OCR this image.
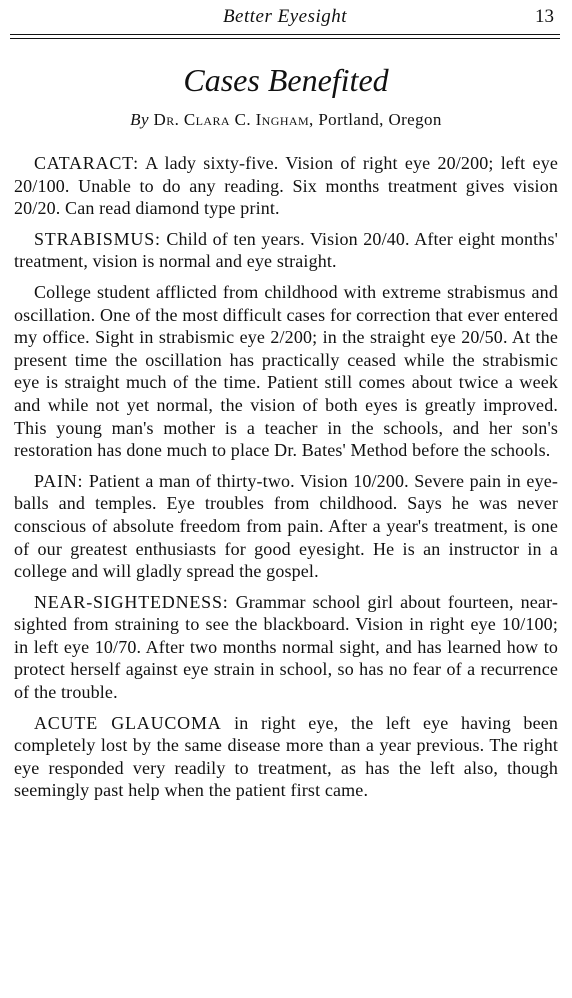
Better Eyesight	13
Cases Benefited
By Dr. Clara C. Ingham, Portland, Oregon

CATARACT: A lady sixty-five. Vision of right eye 20/200; left eye 20/100. Unable to do any reading. Six months treatment gives vision 20/20. Can read diamond type print.

STRABISMUS: Child of ten years. Vision 20/40. After eight months' treatment, vision is normal and eye straight.

College student afflicted from childhood with extreme strabismus and oscillation. One of the most difficult cases for correction that ever entered my office. Sight in strabismic eye 2/200; in the straight eye 20/50. At the present time the oscillation has practically ceased while the strabismic eye is straight much of the time. Patient still comes about twice a week and while not yet normal, the vision of both eyes is greatly improved. This young man's mother is a teacher in the schools, and her son's restoration has done much to place Dr. Bates' Method before the schools.

PAIN: Patient a man of thirty-two. Vision 10/200. Severe pain in eye-balls and temples. Eye troubles from childhood. Says he was never conscious of absolute freedom from pain. After a year's treatment, is one of our greatest enthusiasts for good eyesight. He is an instructor in a college and will gladly spread the gospel.

NEAR-SIGHTEDNESS: Grammar school girl about fourteen, near-sighted from straining to see the blackboard. Vision in right eye 10/100; in left eye 10/70. After two months normal sight, and has learned how to protect herself against eye strain in school, so has no fear of a recurrence of the trouble.

ACUTE GLAUCOMA in right eye, the left eye having been completely lost by the same disease more than a year previous. The right eye responded very readily to treatment, as has the left also, though seemingly past help when the patient first came.
